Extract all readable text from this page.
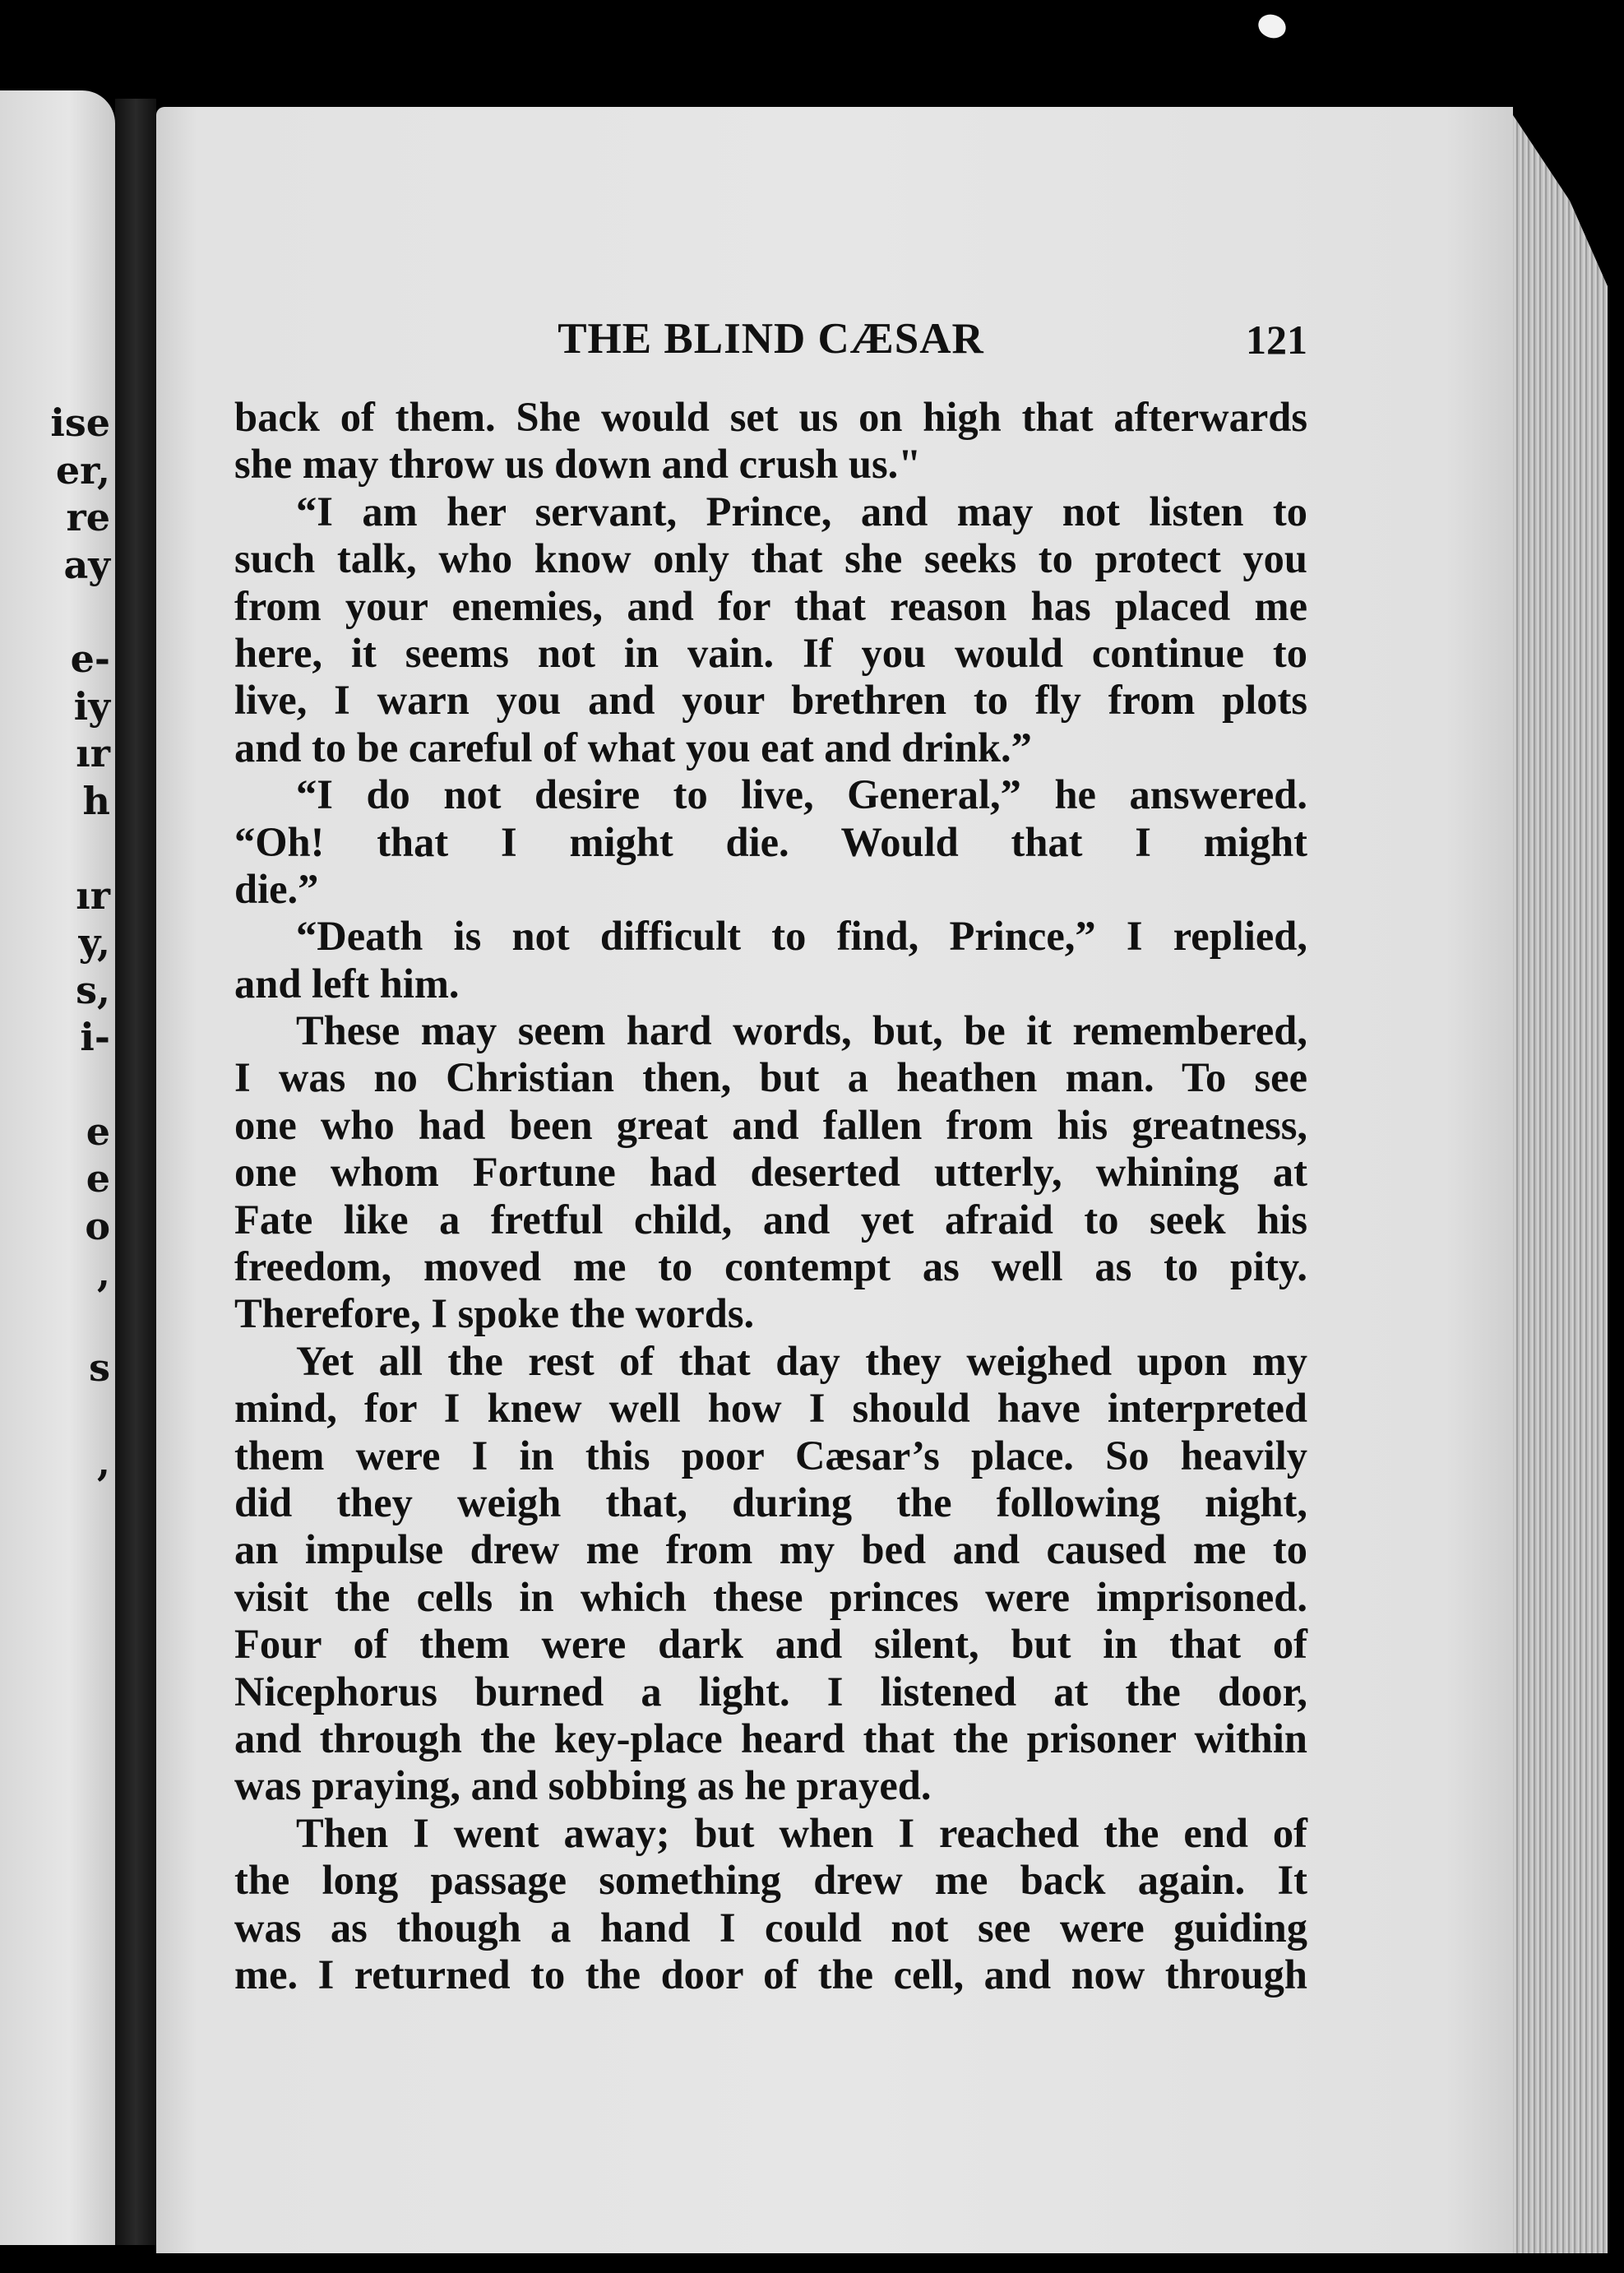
ise
er,
re
ay
e-
iy
ır
h
ır
y,
s,
i-
e
e
o
,
s
,
THE BLIND CÆSAR	121
back of them. She would set us on high that afterwards
she may throw us down and crush us."
“I am her servant, Prince, and may not listen to
such talk, who know only that she seeks to protect you
from your enemies, and for that reason has placed me
here, it seems not in vain. If you would continue to
live, I warn you and your brethren to fly from plots
and to be careful of what you eat and drink.”
“I do not desire to live, General,” he answered.
“Oh! that I might die. Would that I might
die.”
“Death is not difficult to find, Prince,” I replied,
and left him.
These may seem hard words, but, be it remembered,
I was no Christian then, but a heathen man. To see
one who had been great and fallen from his greatness,
one whom Fortune had deserted utterly, whining at
Fate like a fretful child, and yet afraid to seek his
freedom, moved me to contempt as well as to pity.
Therefore, I spoke the words.
Yet all the rest of that day they weighed upon my
mind, for I knew well how I should have interpreted
them were I in this poor Cæsar’s place. So heavily
did they weigh that, during the following night,
an impulse drew me from my bed and caused me to
visit the cells in which these princes were imprisoned.
Four of them were dark and silent, but in that of
Nicephorus burned a light. I listened at the door,
and through the key-place heard that the prisoner within
was praying, and sobbing as he prayed.
Then I went away; but when I reached the end of
the long passage something drew me back again. It
was as though a hand I could not see were guiding
me. I returned to the door of the cell, and now through
